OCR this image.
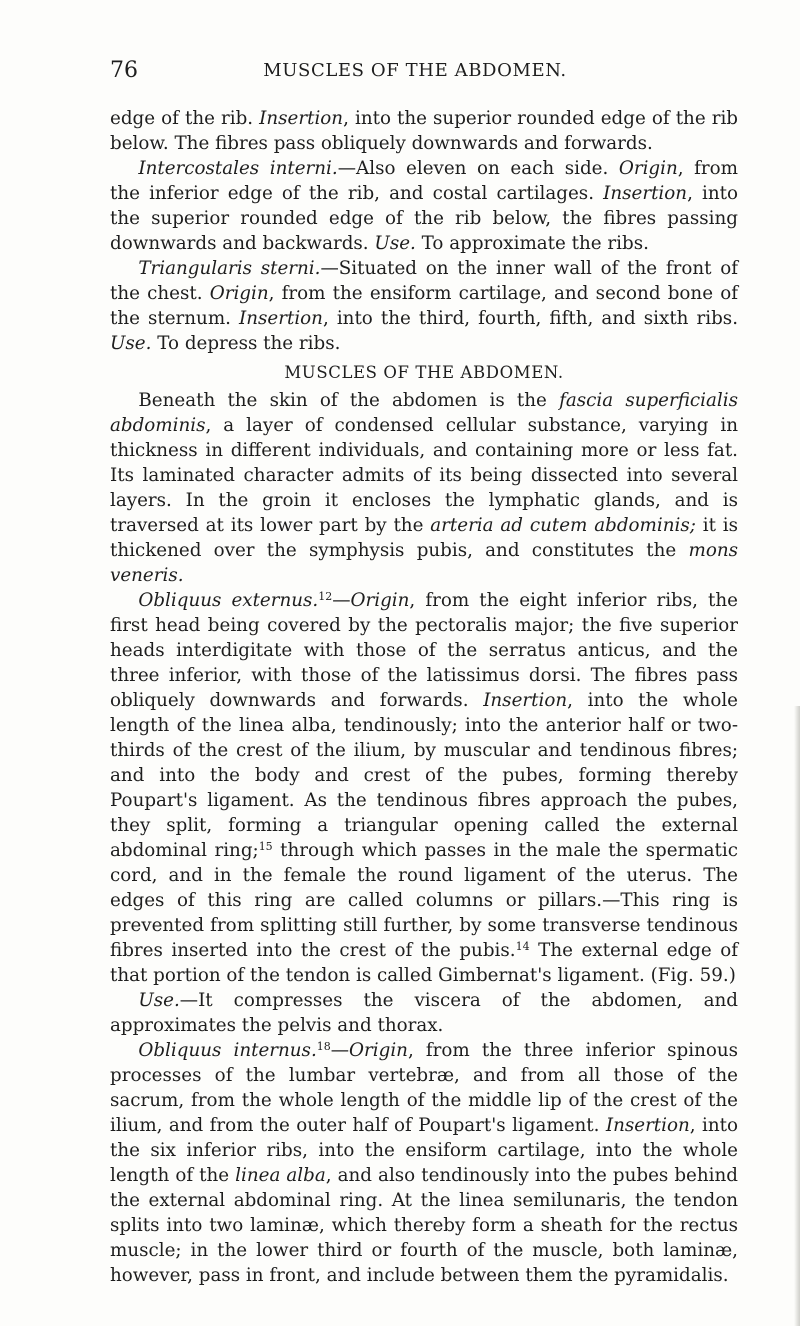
76	MUSCLES OF THE ABDOMEN.

edge of the rib. Insertion, into the superior rounded edge of the rib below. The fibres pass obliquely downwards and forwards.

Intercostales interni.—Also eleven on each side. Origin, from the inferior edge of the rib, and costal cartilages. Insertion, into the superior rounded edge of the rib below, the fibres passing downwards and backwards. Use. To approximate the ribs.

Triangularis sterni.—Situated on the inner wall of the front of the chest. Origin, from the ensiform cartilage, and second bone of the sternum. Insertion, into the third, fourth, fifth, and sixth ribs. Use. To depress the ribs.

MUSCLES OF THE ABDOMEN.

Beneath the skin of the abdomen is the fascia superficialis abdominis, a layer of condensed cellular substance, varying in thickness in different individuals, and containing more or less fat. Its laminated character admits of its being dissected into several layers. In the groin it encloses the lymphatic glands, and is traversed at its lower part by the arteria ad cutem abdominis; it is thickened over the symphysis pubis, and constitutes the mons veneris.

Obliquus externus.$^{12}$—Origin, from the eight inferior ribs, the first head being covered by the pectoralis major; the five superior heads interdigitate with those of the serratus anticus, and the three inferior, with those of the latissimus dorsi. The fibres pass obliquely downwards and forwards. Insertion, into the whole length of the linea alba, tendinously; into the anterior half or two-thirds of the crest of the ilium, by muscular and tendinous fibres; and into the body and crest of the pubes, forming thereby Poupart's ligament. As the tendinous fibres approach the pubes, they split, forming a triangular opening called the external abdominal ring;$^{15}$ through which passes in the male the spermatic cord, and in the female the round ligament of the uterus. The edges of this ring are called columns or pillars.—This ring is prevented from splitting still further, by some transverse tendinous fibres inserted into the crest of the pubis.$^{14}$ The external edge of that portion of the tendon is called Gimbernat's ligament. (Fig. 59.)

Use.—It compresses the viscera of the abdomen, and approximates the pelvis and thorax.

Obliquus internus.$^{18}$—Origin, from the three inferior spinous processes of the lumbar vertebræ, and from all those of the sacrum, from the whole length of the middle lip of the crest of the ilium, and from the outer half of Poupart's ligament. Insertion, into the six inferior ribs, into the ensiform cartilage, into the whole length of the linea alba, and also tendinously into the pubes behind the external abdominal ring. At the linea semilunaris, the tendon splits into two laminæ, which thereby form a sheath for the rectus muscle; in the lower third or fourth of the muscle, both laminæ, however, pass in front, and include between them the pyramidalis.
